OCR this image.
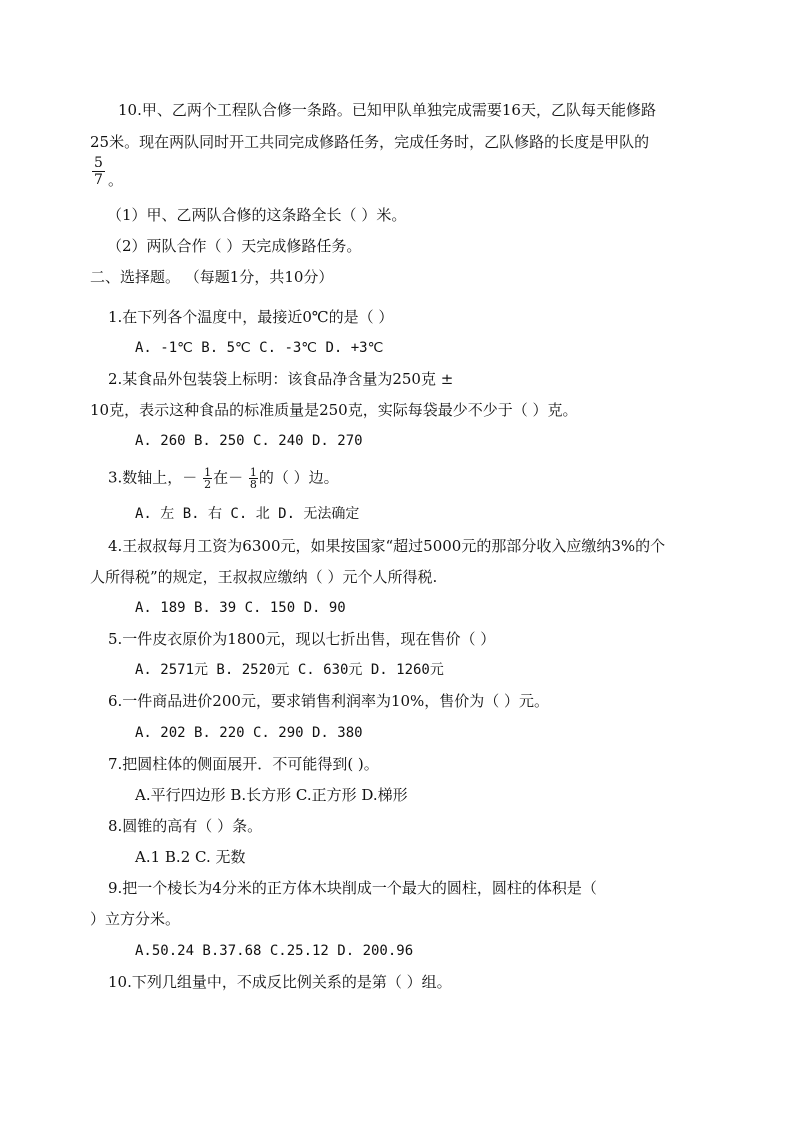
10.甲、乙两个工程队合修一条路。已知甲队单独完成需要16天，乙队每天能修路
25米。现在两队同时开工共同完成修路任务，完成任务时，乙队修路的长度是甲队的
$\frac{5}{7}$ 。
（1）甲、乙两队合修的这条路全长（ ）米。
（2）两队合作（ ）天完成修路任务。
二、选择题。 （每题1分，共10分）
1.在下列各个温度中，最接近0℃的是（ ）
A. -1℃ B. 5℃ C. -3℃ D. +3℃
2.某食品外包装袋上标明：该食品净含量为250克 ±
10克，表示这种食品的标准质量是250克，实际每袋最少不少于（ ）克。
A. 260 B. 250 C. 240 D. 270
3.数轴上，－ $\frac{1}{2}$ 在－ $\frac{1}{8}$ 的（ ）边。
A. 左 B. 右 C. 北 D. 无法确定
4.王叔叔每月工资为6300元，如果按国家“超过5000元的那部分收入应缴纳3%的个
人所得税”的规定，王叔叔应缴纳（ ）元个人所得税.
A. 189 B. 39 C. 150 D. 90
5.一件皮衣原价为1800元，现以七折出售，现在售价（ ）
A. 2571元 B. 2520元 C. 630元 D. 1260元
6.一件商品进价200元，要求销售利润率为10%，售价为（ ）元。
A. 202 B. 220 C. 290 D. 380
7.把圆柱体的侧面展开．不可能得到( )。
A.平行四边形 B.长方形 C.正方形 D.梯形
8.圆锥的高有（ ）条。
A.1 B.2 C. 无数
9.把一个棱长为4分米的正方体木块削成一个最大的圆柱，圆柱的体积是（
）立方分米。
A.50.24 B.37.68 C.25.12 D. 200.96
10.下列几组量中，不成反比例关系的是第（ ）组。
